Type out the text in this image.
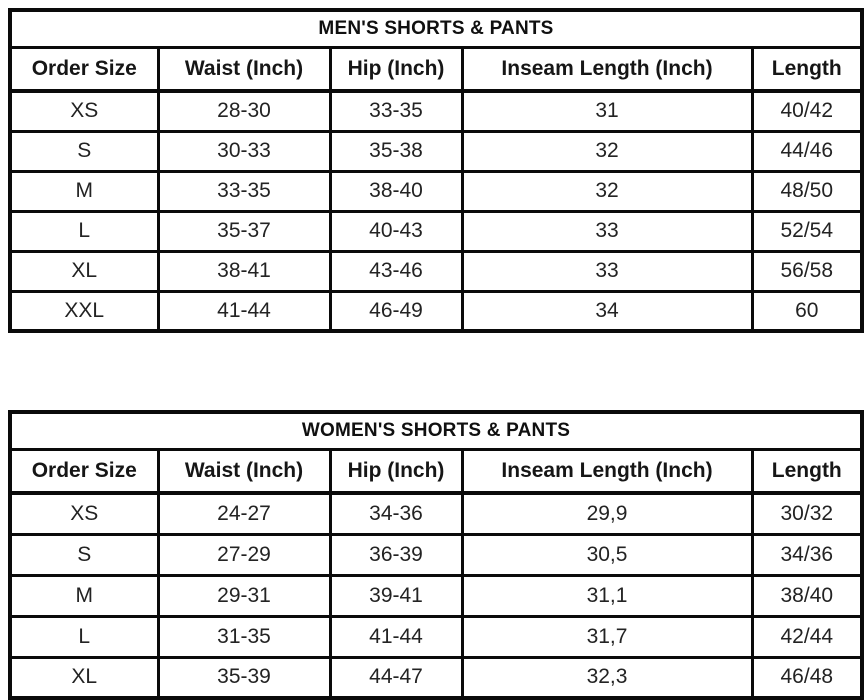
MEN'S SHORTS & PANTS				
Order Size	Waist (Inch)	Hip (Inch)	Inseam Length (Inch)	Length
XS	28-30	33-35	31	40/42
S	30-33	35-38	32	44/46
M	33-35	38-40	32	48/50
L	35-37	40-43	33	52/54
XL	38-41	43-46	33	56/58
XXL	41-44	46-49	34	60
WOMEN'S SHORTS & PANTS				
Order Size	Waist (Inch)	Hip (Inch)	Inseam Length (Inch)	Length
XS	24-27	34-36	29,9	30/32
S	27-29	36-39	30,5	34/36
M	29-31	39-41	31,1	38/40
L	31-35	41-44	31,7	42/44
XL	35-39	44-47	32,3	46/48
